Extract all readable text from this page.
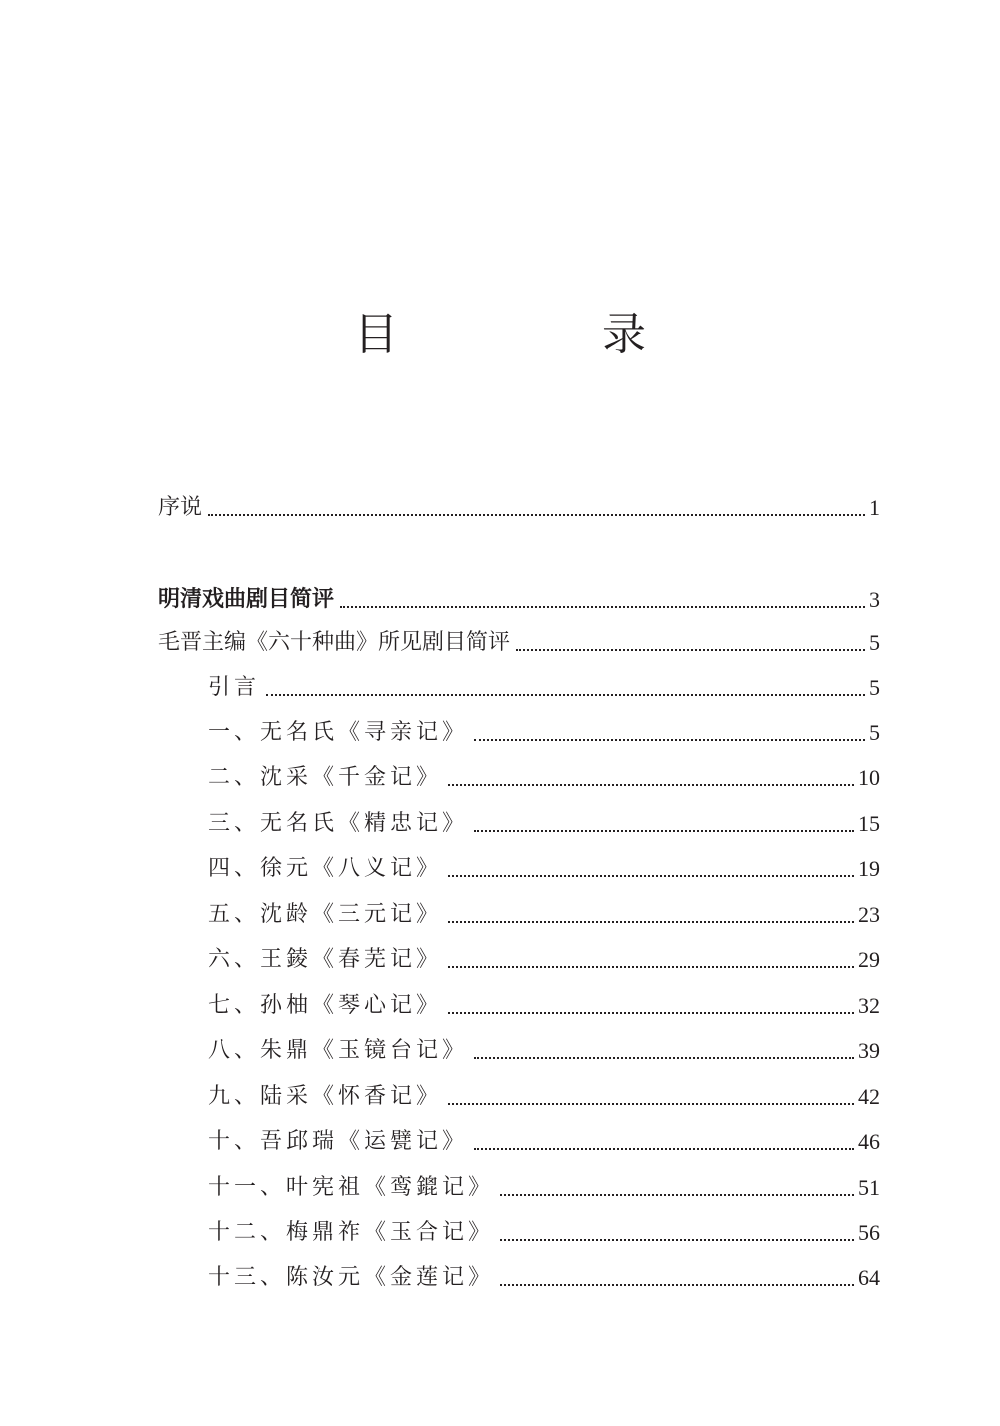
目　录
序说	1
明清戏曲剧目简评	3
毛晋主编《六十种曲》所见剧目简评	5
引言	5
一、无名氏《寻亲记》	5
二、沈采《千金记》	10
三、无名氏《精忠记》	15
四、徐元《八义记》	19
五、沈龄《三元记》	23
六、王錂《春芜记》	29
七、孙柚《琴心记》	32
八、朱鼎《玉镜台记》	39
九、陆采《怀香记》	42
十、吾邱瑞《运甓记》	46
十一、叶宪祖《鸾鎞记》	51
十二、梅鼎祚《玉合记》	56
十三、陈汝元《金莲记》	64
